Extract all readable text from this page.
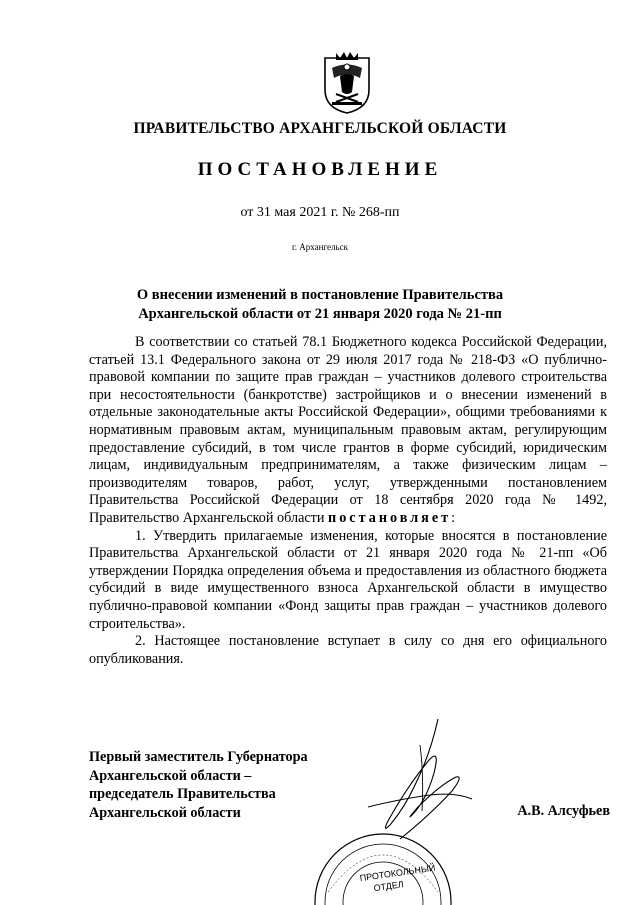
ПРАВИТЕЛЬСТВО АРХАНГЕЛЬСКОЙ ОБЛАСТИ
ПОСТАНОВЛЕНИЕ
от 31 мая 2021 г. № 268-пп
г. Архангельск
О внесении изменений в постановление Правительства
Архангельской области от 21 января 2020 года № 21-пп

В соответствии со статьей 78.1 Бюджетного кодекса Российской Федерации, статьей 13.1 Федерального закона от 29 июля 2017 года № 218-ФЗ «О публично-правовой компании по защите прав граждан – участников долевого строительства при несостоятельности (банкротстве) застройщиков и о внесении изменений в отдельные законодательные акты Российской Федерации», общими требованиями к нормативным правовым актам, муниципальным правовым актам, регулирующим предоставление субсидий, в том числе грантов в форме субсидий, юридическим лицам, индивидуальным предпринимателям, а также физическим лицам – производителям товаров, работ, услуг, утвержденными постановлением Правительства Российской Федерации от 18 сентября 2020 года № 1492, Правительство Архангельской области постановляет:

1. Утвердить прилагаемые изменения, которые вносятся в постановление Правительства Архангельской области от 21 января 2020 года № 21-пп «Об утверждении Порядка определения объема и предоставления из областного бюджета субсидий в виде имущественного взноса Архангельской области в имущество публично-правовой компании «Фонд защиты прав граждан – участников долевого строительства».

2. Настоящее постановление вступает в силу со дня его официального опубликования.

Первый заместитель Губернатора
Архангельской области –
председатель Правительства
Архангельской области
ПРОТОКОЛЬНЫЙ
ОТДЕЛ
А.В. Алсуфьев
